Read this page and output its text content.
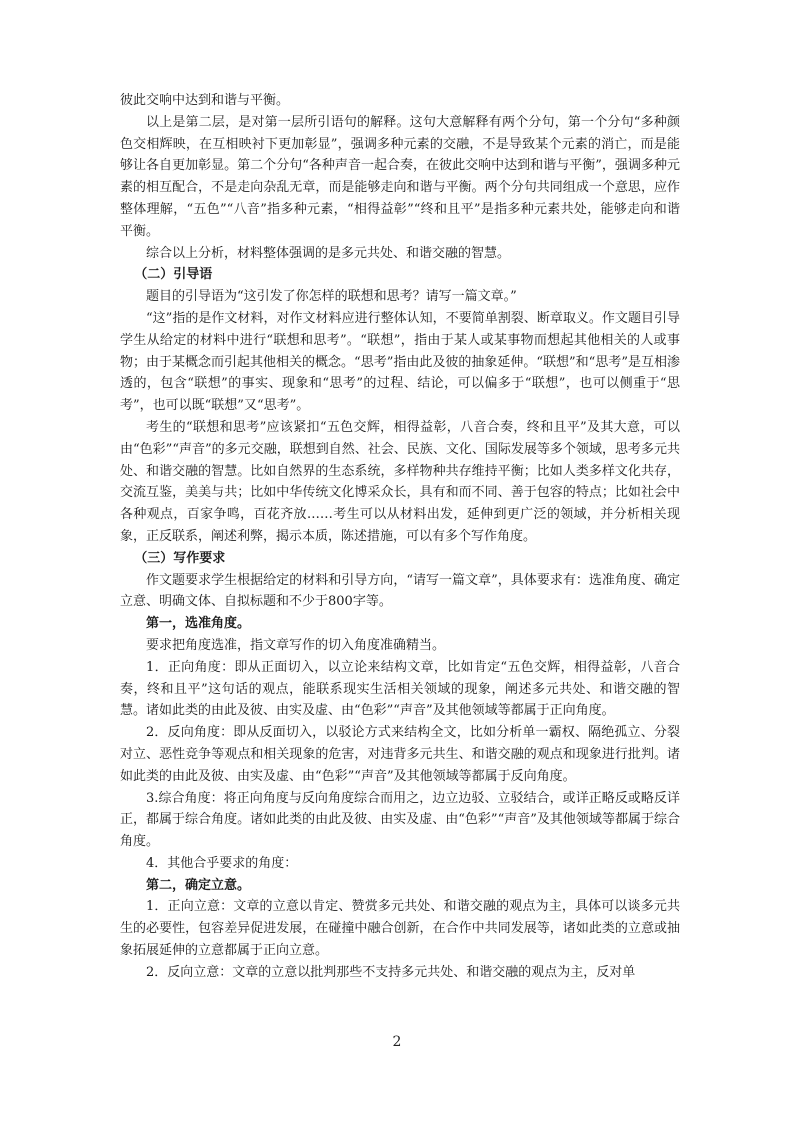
彼此交响中达到和谐与平衡。

以上是第二层，是对第一层所引语句的解释。这句大意解释有两个分句，第一个分句“多种颜色交相辉映，在互相映衬下更加彰显”，强调多种元素的交融，不是导致某个元素的消亡，而是能够让各自更加彰显。第二个分句“各种声音一起合奏，在彼此交响中达到和谐与平衡”，强调多种元素的相互配合，不是走向杂乱无章，而是能够走向和谐与平衡。两个分句共同组成一个意思，应作整体理解，“五色”“八音”指多种元素，“相得益彰”“终和且平”是指多种元素共处，能够走向和谐平衡。

综合以上分析，材料整体强调的是多元共处、和谐交融的智慧。

（二）引导语

题目的引导语为“这引发了你怎样的联想和思考？请写一篇文章。”

“这”指的是作文材料，对作文材料应进行整体认知，不要简单割裂、断章取义。作文题目引导学生从给定的材料中进行“联想和思考”。“联想”，指由于某人或某事物而想起其他相关的人或事物；由于某概念而引起其他相关的概念。“思考”指由此及彼的抽象延伸。“联想”和“思考”是互相渗透的，包含“联想”的事实、现象和“思考”的过程、结论，可以偏多于“联想”，也可以侧重于“思考”，也可以既“联想”又“思考”。

考生的“联想和思考”应该紧扣“五色交辉，相得益彰，八音合奏，终和且平”及其大意，可以由“色彩”“声音”的多元交融，联想到自然、社会、民族、文化、国际发展等多个领域，思考多元共处、和谐交融的智慧。比如自然界的生态系统，多样物种共存维持平衡；比如人类多样文化共存，交流互鉴，美美与共；比如中华传统文化博采众长，具有和而不同、善于包容的特点；比如社会中各种观点，百家争鸣，百花齐放……考生可以从材料出发，延伸到更广泛的领域，并分析相关现象，正反联系，阐述利弊，揭示本质，陈述措施，可以有多个写作角度。

（三）写作要求

作文题要求学生根据给定的材料和引导方向，“请写一篇文章”，具体要求有：选准角度、确定立意、明确文体、自拟标题和不少于800字等。

第一，选准角度。

要求把角度选准，指文章写作的切入角度准确精当。

1．正向角度：即从正面切入，以立论来结构文章，比如肯定“五色交辉，相得益彰，八音合奏，终和且平”这句话的观点，能联系现实生活相关领域的现象，阐述多元共处、和谐交融的智慧。诸如此类的由此及彼、由实及虚、由“色彩”“声音”及其他领域等都属于正向角度。

2．反向角度：即从反面切入，以驳论方式来结构全文，比如分析单一霸权、隔绝孤立、分裂对立、恶性竞争等观点和相关现象的危害，对违背多元共生、和谐交融的观点和现象进行批判。诸如此类的由此及彼、由实及虚、由“色彩”“声音”及其他领域等都属于反向角度。

3.综合角度：将正向角度与反向角度综合而用之，边立边驳、立驳结合，或详正略反或略反详正，都属于综合角度。诸如此类的由此及彼、由实及虚、由“色彩”“声音”及其他领域等都属于综合角度。

4．其他合乎要求的角度：

第二，确定立意。

1．正向立意：文章的立意以肯定、赞赏多元共处、和谐交融的观点为主，具体可以谈多元共生的必要性，包容差异促进发展，在碰撞中融合创新，在合作中共同发展等，诸如此类的立意或抽象拓展延伸的立意都属于正向立意。

2．反向立意：文章的立意以批判那些不支持多元共处、和谐交融的观点为主，反对单

2
